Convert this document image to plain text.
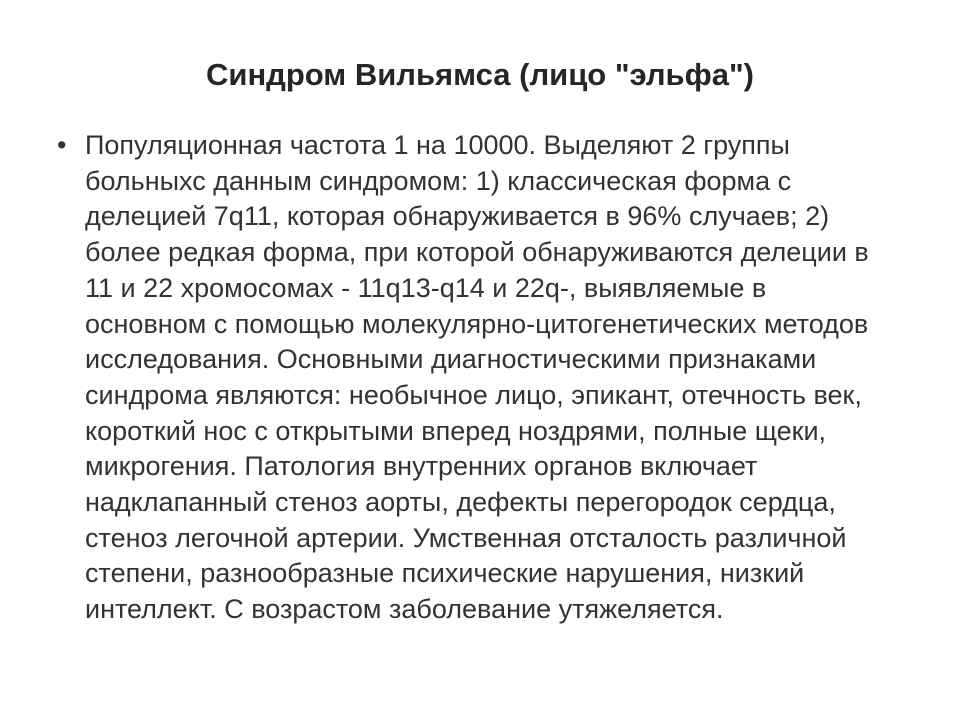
Синдром Вильямса (лицо "эльфа")
• Популяционная частота 1 на 10000. Выделяют 2 группы
больныхс данным синдромом: 1) классическая форма с
делецией 7q11, которая обнаруживается в 96% случаев; 2)
более редкая форма, при которой обнаруживаются делеции в
11 и 22 хромосомах - 11q13-q14 и 22q-, выявляемые в
основном с помощью молекулярно-цитогенетических методов
исследования. Основными диагностическими признаками
синдрома являются: необычное лицо, эпикант, отечность век,
короткий нос с открытыми вперед ноздрями, полные щеки,
микрогения. Патология внутренних органов включает
надклапанный стеноз аорты, дефекты перегородок сердца,
стеноз легочной артерии. Умственная отсталость различной
степени, разнообразные психические нарушения, низкий
интеллект. С возрастом заболевание утяжеляется.
